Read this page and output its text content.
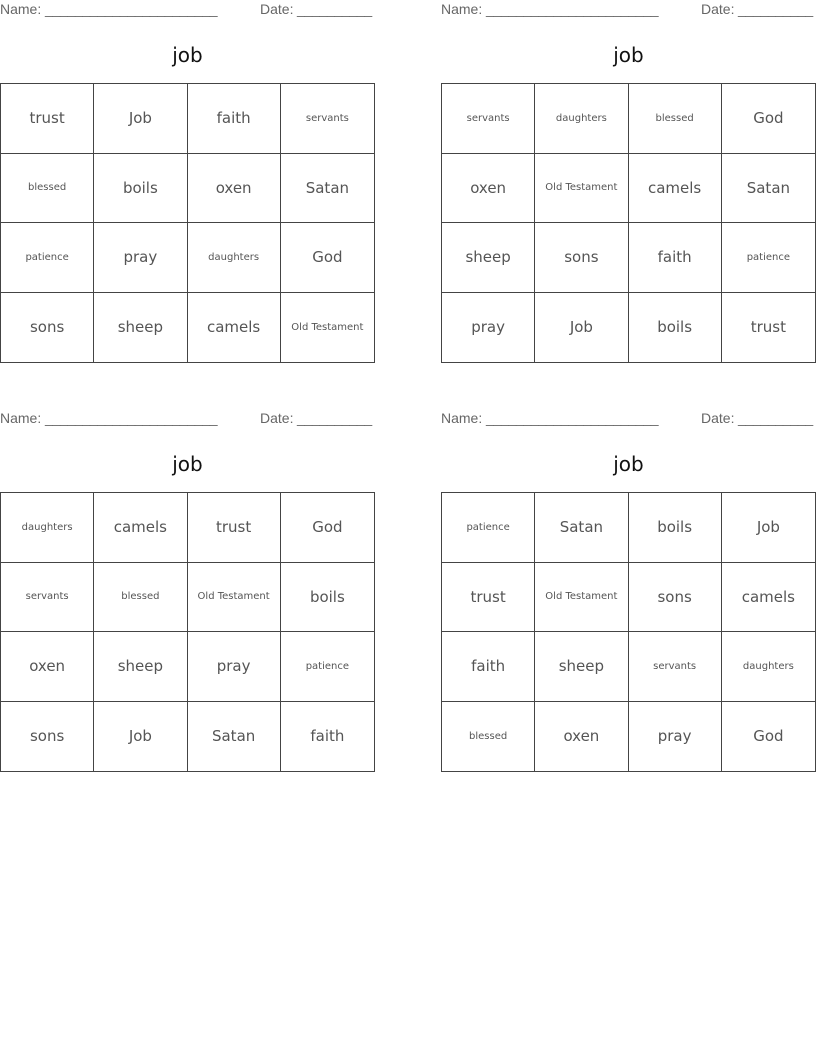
Name: _______________________	Date: __________
job
trust	Job	faith	servants
blessed	boils	oxen	Satan
patience	pray	daughters	God
sons	sheep	camels	Old Testament
Name: _______________________	Date: __________
job
servants	daughters	blessed	God
oxen	Old Testament	camels	Satan
sheep	sons	faith	patience
pray	Job	boils	trust
Name: _______________________	Date: __________
job
daughters	camels	trust	God
servants	blessed	Old Testament	boils
oxen	sheep	pray	patience
sons	Job	Satan	faith
Name: _______________________	Date: __________
job
patience	Satan	boils	Job
trust	Old Testament	sons	camels
faith	sheep	servants	daughters
blessed	oxen	pray	God
